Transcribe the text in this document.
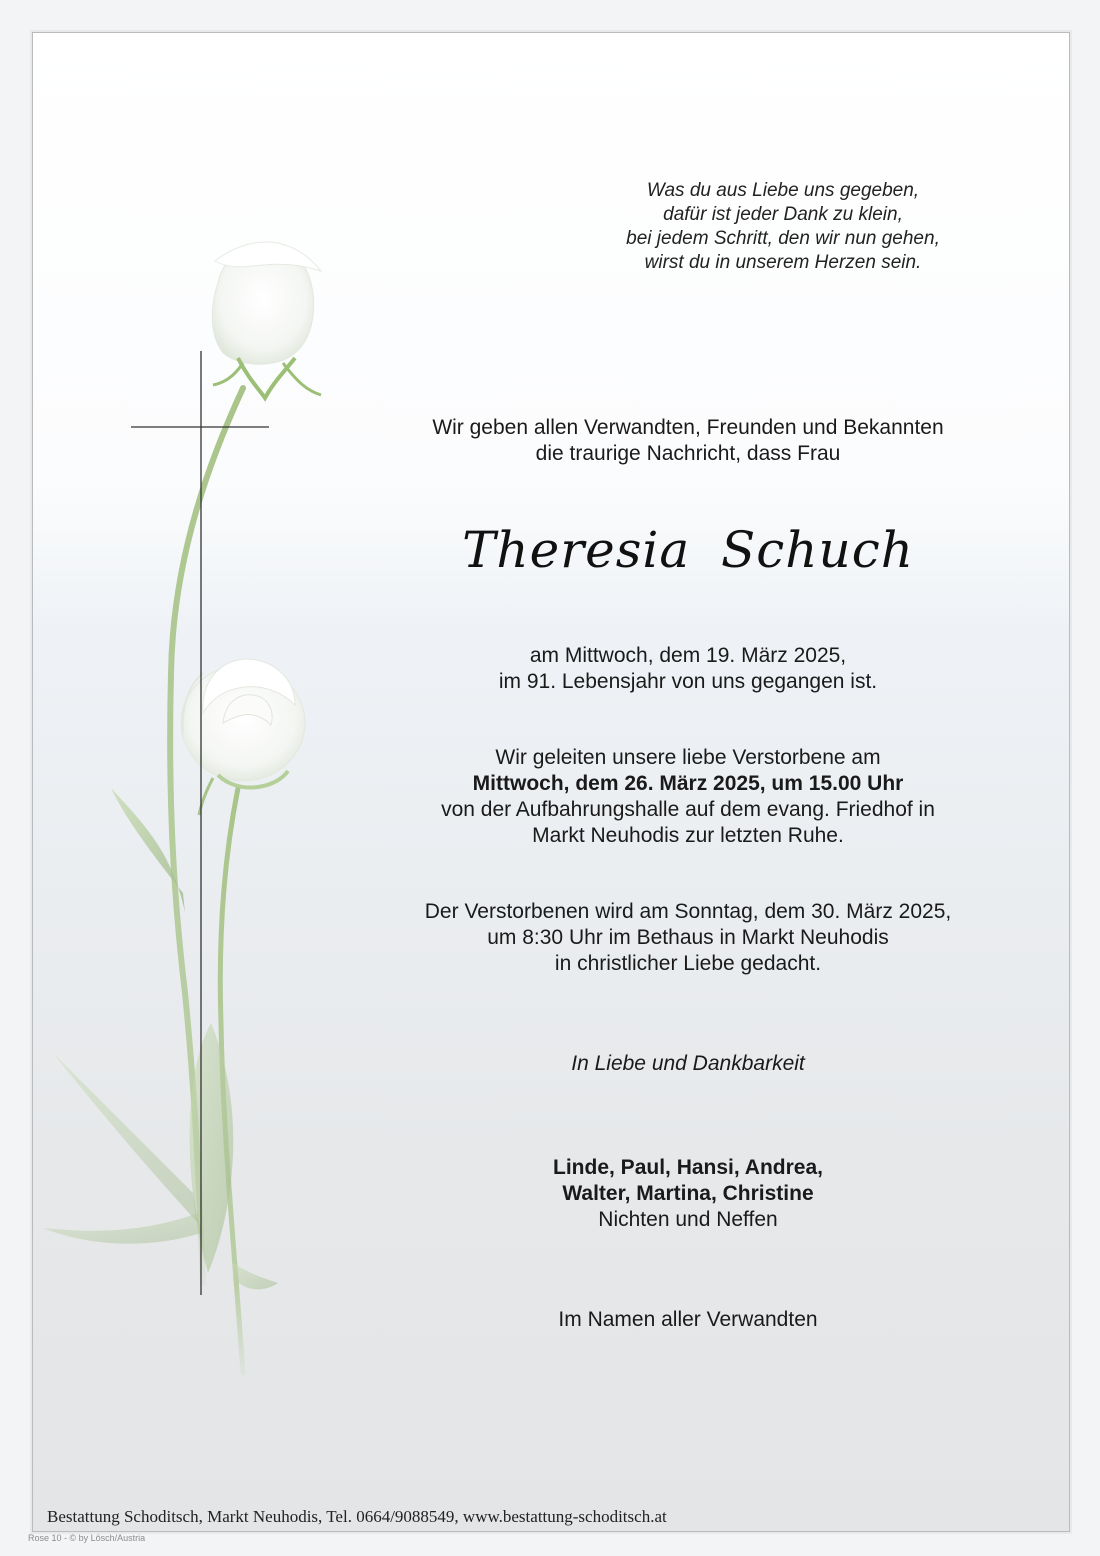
Was du aus Liebe uns gegeben,
dafür ist jeder Dank zu klein,
bei jedem Schritt, den wir nun gehen,
wirst du in unserem Herzen sein.
Wir geben allen Verwandten, Freunden und Bekannten
die traurige Nachricht, dass Frau
Theresia Schuch
am Mittwoch, dem 19. März 2025,
im 91. Lebensjahr von uns gegangen ist.
Wir geleiten unsere liebe Verstorbene am
Mittwoch, dem 26. März 2025, um 15.00 Uhr
von der Aufbahrungshalle auf dem evang. Friedhof in
Markt Neuhodis zur letzten Ruhe.
Der Verstorbenen wird am Sonntag, dem 30. März 2025,
um 8:30 Uhr im Bethaus in Markt Neuhodis
in christlicher Liebe gedacht.
In Liebe und Dankbarkeit
Linde, Paul, Hansi, Andrea,
Walter, Martina, Christine
Nichten und Neffen
Im Namen aller Verwandten
Bestattung Schoditsch, Markt Neuhodis, Tel. 0664/9088549, www.bestattung-schoditsch.at
Rose 10 - © by Lösch/Austria
